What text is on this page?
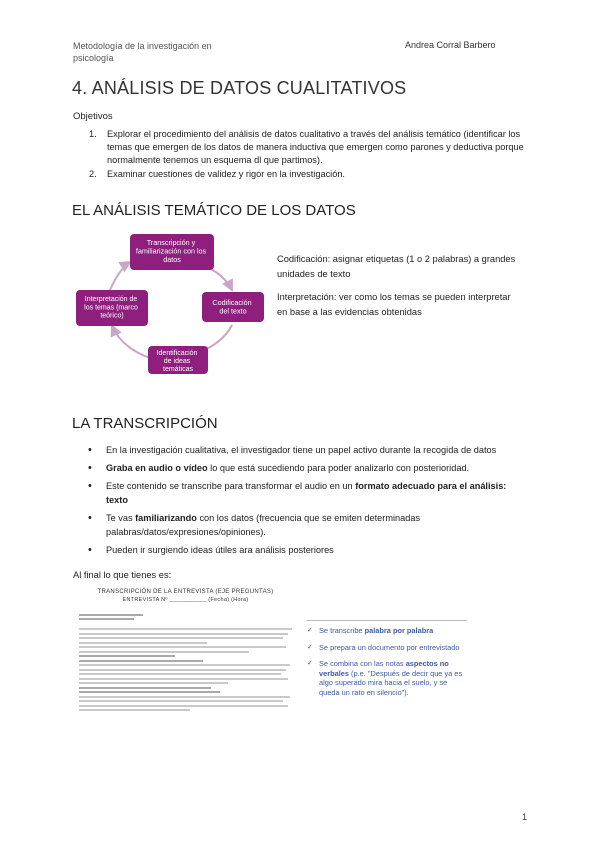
Metodología de la investigación en psicología
Andrea Corral Barbero
4. ANÁLISIS DE DATOS CUALITATIVOS
Objetivos
1. Explorar el procedimiento del análisis de datos cualitativo a través del análisis temático (identificar los temas que emergen de los datos de manera inductiva que emergen como parones y deductiva porque normalmente tenemos un esquema dl que partimos).
2. Examinar cuestiones de validez y rigor en la investigación.
EL ANÁLISIS TEMÁTICO DE LOS DATOS
Transcripción y familiarización con los datos
Interpretación de los temas (marco teórico)
Codificación del texto
Identificación de ideas temáticas
Codificación: asignar etiquetas (1 o 2 palabras) a grandes unidades de texto
Interpretación: ver como los temas se pueden interpretar en base a las evidencias obtenidas
LA TRANSCRIPCIÓN
• En la investigación cualitativa, el investigador tiene un papel activo durante la recogida de datos
• Graba en audio o vídeo lo que está sucediendo para poder analizarlo con posterioridad.
• Este contenido se transcribe para transformar el audio en un formato adecuado para el análisis: texto
• Te vas familiarizando con los datos (frecuencia que se emiten determinadas palabras/datos/expresiones/opiniones).
• Pueden ir surgiendo ideas útiles ara análisis posteriores
Al final lo que tienes es:
TRANSCRIPCIÓN DE LA ENTREVISTA (EJE PREGUNTAS)
ENTREVISTA Nº ___________ (Fecha) (Hora)
✓ Se transcribe palabra por palabra
✓ Se prepara un documento por entrevistado
✓ Se combina con las notas aspectos no verbales (p.e. "Después de decir que ya es algo superado mira hacia el suelo, y se queda un rato en silencio").
1
